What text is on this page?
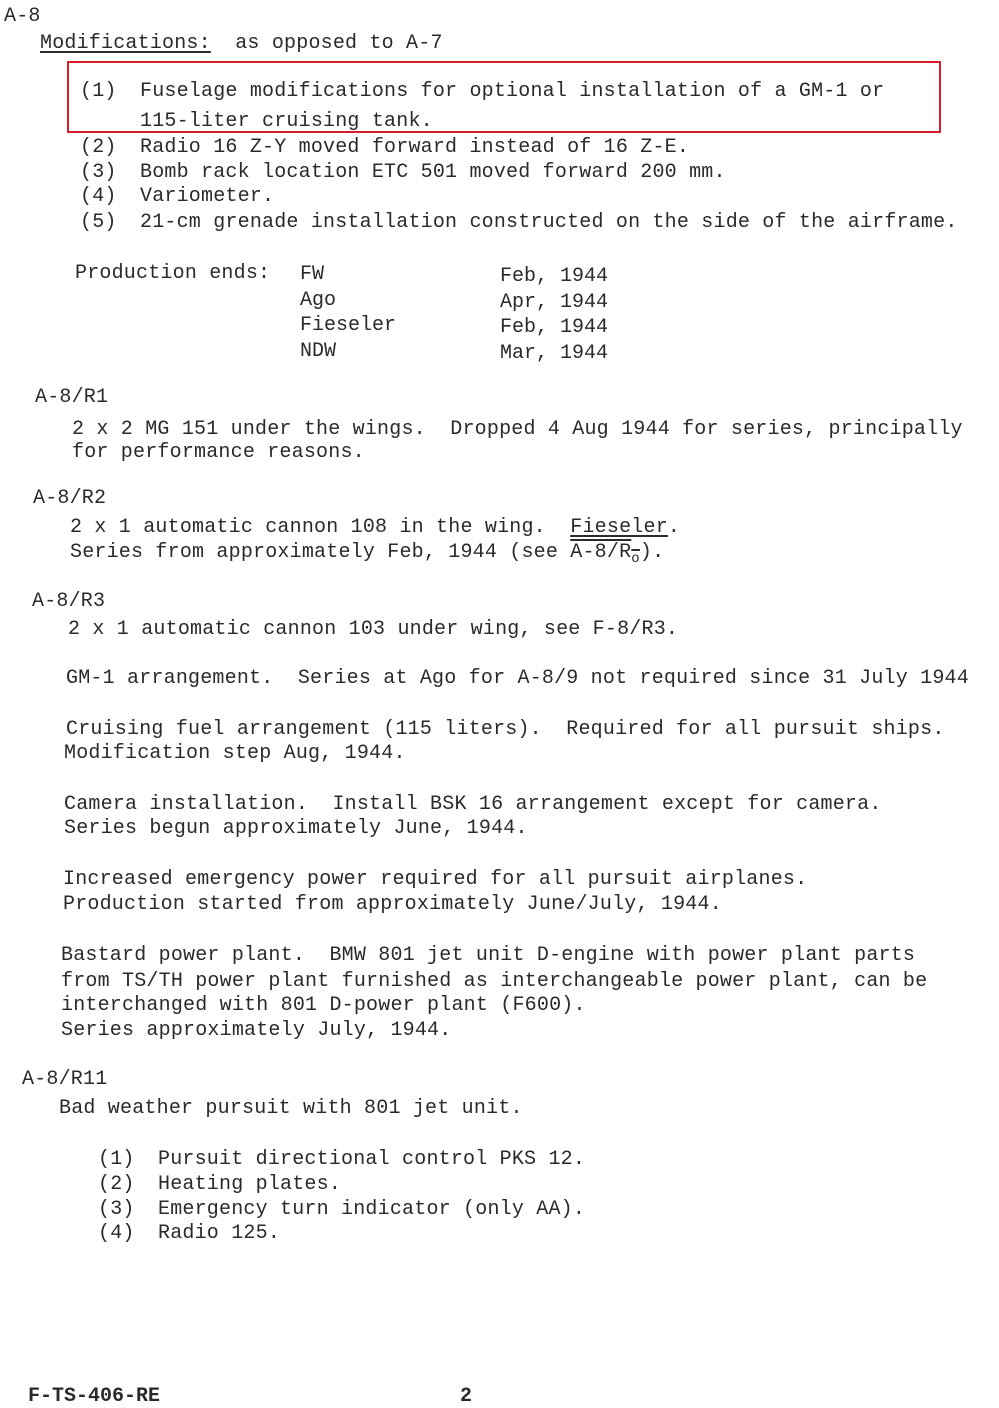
A-8
Modifications: as opposed to A-7
(1) Fuselage modifications for optional installation of a GM-1 or
115-liter cruising tank.
(2) Radio 16 Z-Y moved forward instead of 16 Z-E.
(3) Bomb rack location ETC 501 moved forward 200 mm.
(4) Variometer.
(5) 21-cm grenade installation constructed on the side of the airframe.
Production ends: FW
Ago
Fieseler
NDW
Feb, 1944
Apr, 1944
Feb, 1944
Mar, 1944
A-8/R1
2 x 2 MG 151 under the wings.  Dropped 4 Aug 1944 for series, principally
for performance reasons.
A-8/R2
2 x 1 automatic cannon 108 in the wing.  Fieseler.
Series from approximately Feb, 1944 (see $A-8/R_o$).
A-8/R3
2 x 1 automatic cannon 103 under wing, see F-8/R3.
GM-1 arrangement.  Series at Ago for A-8/9 not required since 31 July 1944
Cruising fuel arrangement (115 liters).  Required for all pursuit ships.
Modification step Aug, 1944.
Camera installation.  Install BSK 16 arrangement except for camera.
Series begun approximately June, 1944.
Increased emergency power required for all pursuit airplanes.
Production started from approximately June/July, 1944.
Bastard power plant.  BMW 801 jet unit D-engine with power plant parts
from TS/TH power plant furnished as interchangeable power plant, can be
interchanged with 801 D-power plant (F600).
Series approximately July, 1944.
A-8/R11
Bad weather pursuit with 801 jet unit.
(1) Pursuit directional control PKS 12.
(2) Heating plates.
(3) Emergency turn indicator (only AA).
(4) Radio 125.
F-TS-406-RE	2
